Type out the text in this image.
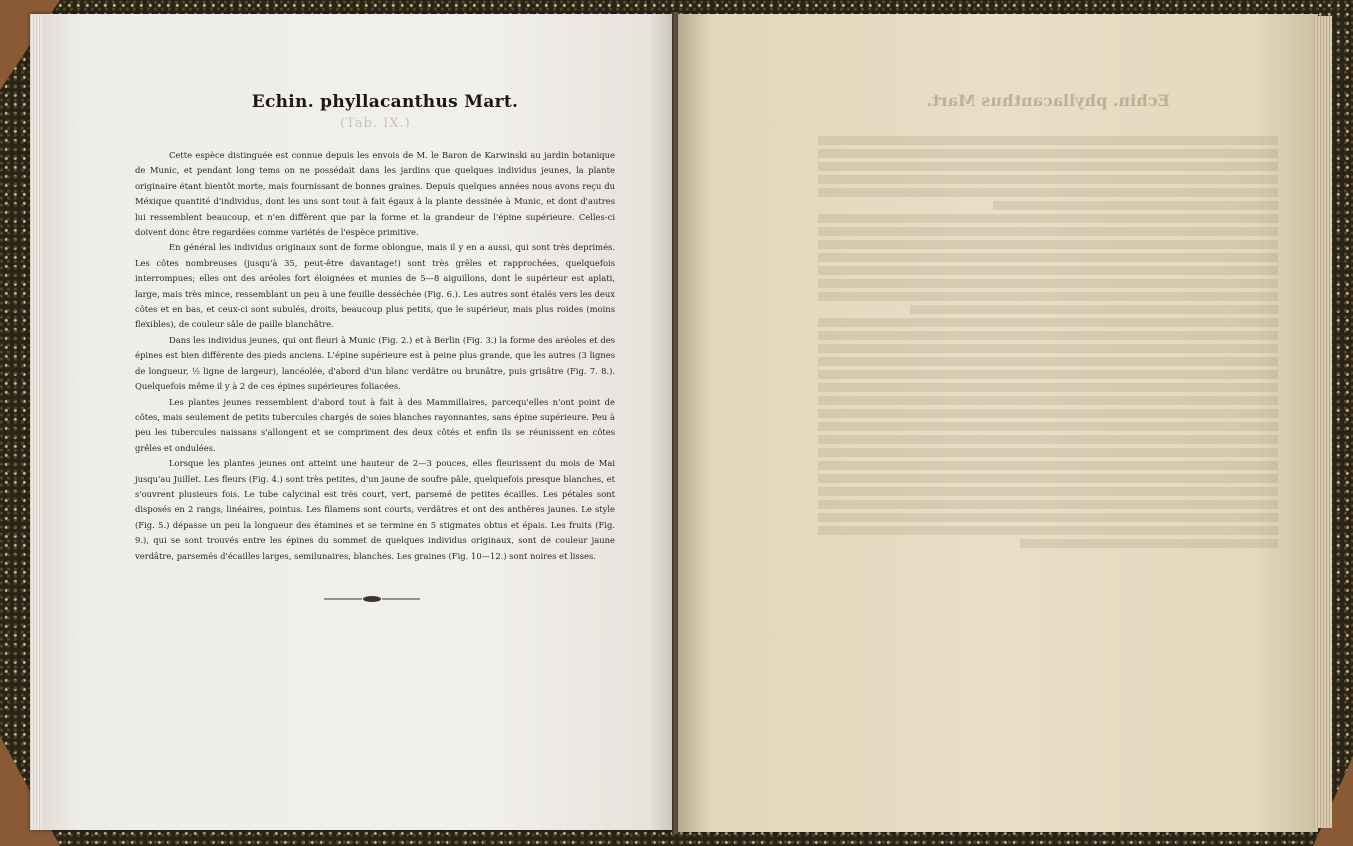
Echin. phyllacanthus Mart.
Echin. phyllacanthus Mart.
(Tab. IX.)

Cette espèce distinguée est connue depuis les envois de M. le Baron de Karwinski au jardin botanique de Munic, et pendant long tems on ne possédait dans les jardins que quelques individus jeunes, la plante originaire étant bientôt morte, mais fournissant de bonnes graines. Depuis quelques années nous avons reçu du Méxique quantité d'individus, dont les uns sont tout à fait égaux à la plante dessinée à Munic, et dont d'autres lui ressemblent beaucoup, et n'en diffèrent que par la forme et la grandeur de l'épine supérieure. Celles-ci doivent donc être regardées comme variétés de l'espèce primitive.

En général les individus originaux sont de forme oblongue, mais il y en a aussi, qui sont très deprimés. Les côtes nombreuses (jusqu'à 35, peut-être davantage!) sont très grêles et rapprochées, quelquefois interrompues; elles ont des aréoles fort éloignées et munies de 5—8 aiguillons, dont le supérieur est aplati, large, mais très mince, ressemblant un peu à une feuille desséchée (Fig. 6.). Les autres sont étalés vers les deux côtes et en bas, et ceux-ci sont subulés, droits, beaucoup plus petits, que le supérieur, mais plus roides (moins flexibles), de couleur sâle de paille blanchâtre.

Dans les individus jeunes, qui ont fleuri à Munic (Fig. 2.) et à Berlin (Fig. 3.) la forme des aréoles et des épines est bien différente des pieds anciens. L'épine supérieure est à peine plus grande, que les autres (3 lignes de longueur, ½ ligne de largeur), lancéolée, d'abord d'un blanc verdâtre ou brunâtre, puis grisâtre (Fig. 7. 8.). Quelquefois même il y à 2 de ces épines supérieures foliacées.

Les plantes jeunes ressemblent d'abord tout à fait à des Mammillaires, parcequ'elles n'ont point de côtes, mais seulement de petits tubercules chargés de soies blanches rayonnantes, sans épine supérieure. Peu à peu les tubercules naissans s'allongent et se compriment des deux côtés et enfin ils se réunissent en côtes grêles et ondulées.

Lorsque les plantes jeunes ont atteint une hauteur de 2—3 pouces, elles fleurissent du mois de Mai jusqu'au Juillet. Les fleurs (Fig. 4.) sont très petites, d'un jaune de soufre pâle, quelquefois presque blanches, et s'ouvrent plusieurs fois. Le tube calycinal est très court, vert, parsemé de petites écailles. Les pétales sont disposés en 2 rangs, linéaires, pointus. Les filamens sont courts, verdâtres et ont des anthères jaunes. Le style (Fig. 5.) dépasse un peu la longueur des étamines et se termine en 5 stigmates obtus et épais. Les fruits (Fig. 9.), qui se sont trouvés entre les épines du sommet de quelques individus originaux, sont de couleur jaune verdâtre, parsemés d'écailles larges, semilunaires, blanches. Les graines (Fig. 10—12.) sont noires et lisses.
